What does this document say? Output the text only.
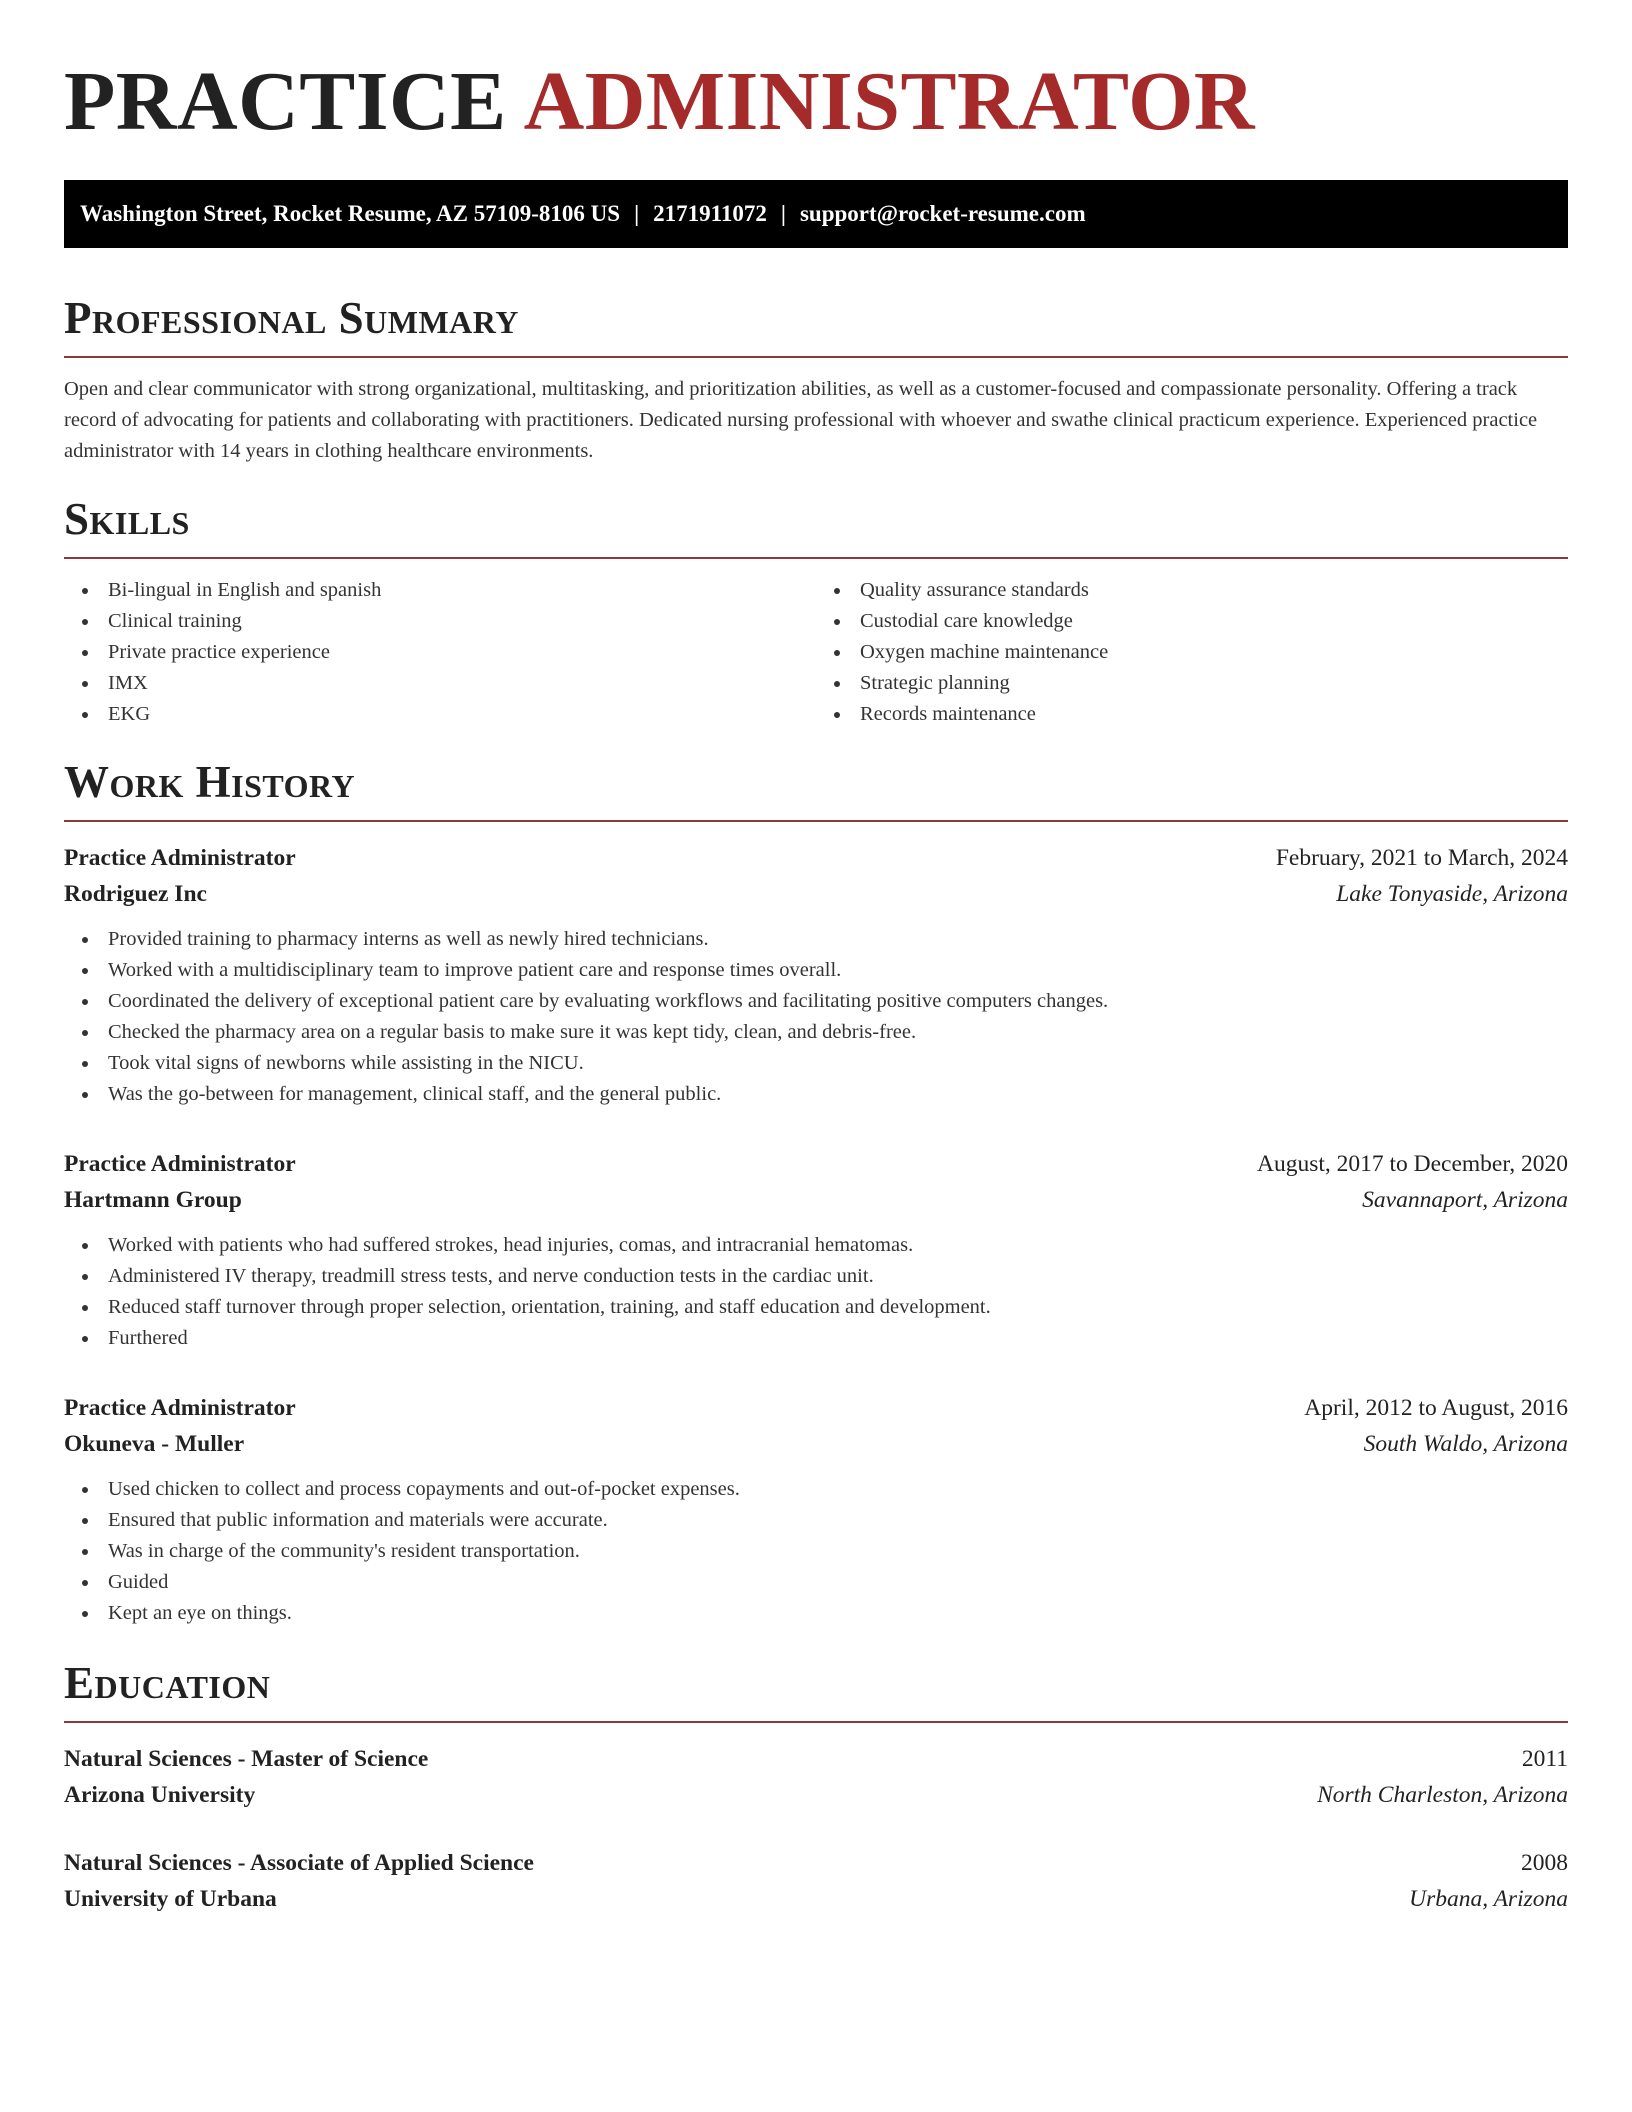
PRACTICE ADMINISTRATOR
Washington Street, Rocket Resume, AZ 57109-8106 US | 2171911072 | support@rocket-resume.com
Professional Summary

Open and clear communicator with strong organizational, multitasking, and prioritization abilities, as well as a customer-focused and compassionate personality. Offering a track record of advocating for patients and collaborating with practitioners. Dedicated nursing professional with whoever and swathe clinical practicum experience. Experienced practice administrator with 14 years in clothing healthcare environments.

Skills
Bi-lingual in English and spanish
Clinical training
Private practice experience
IMX
EKG
Quality assurance standards
Custodial care knowledge
Oxygen machine maintenance
Strategic planning
Records maintenance
Work History
Practice Administrator	February, 2021 to March, 2024
Rodriguez Inc	Lake Tonyaside, Arizona
Provided training to pharmacy interns as well as newly hired technicians.
Worked with a multidisciplinary team to improve patient care and response times overall.
Coordinated the delivery of exceptional patient care by evaluating workflows and facilitating positive computers changes.
Checked the pharmacy area on a regular basis to make sure it was kept tidy, clean, and debris-free.
Took vital signs of newborns while assisting in the NICU.
Was the go-between for management, clinical staff, and the general public.
Practice Administrator	August, 2017 to December, 2020
Hartmann Group	Savannaport, Arizona
Worked with patients who had suffered strokes, head injuries, comas, and intracranial hematomas.
Administered IV therapy, treadmill stress tests, and nerve conduction tests in the cardiac unit.
Reduced staff turnover through proper selection, orientation, training, and staff education and development.
Furthered
Practice Administrator	April, 2012 to August, 2016
Okuneva - Muller	South Waldo, Arizona
Used chicken to collect and process copayments and out-of-pocket expenses.
Ensured that public information and materials were accurate.
Was in charge of the community's resident transportation.
Guided
Kept an eye on things.
Education
Natural Sciences - Master of Science	2011
Arizona University	North Charleston, Arizona
Natural Sciences - Associate of Applied Science	2008
University of Urbana	Urbana, Arizona
